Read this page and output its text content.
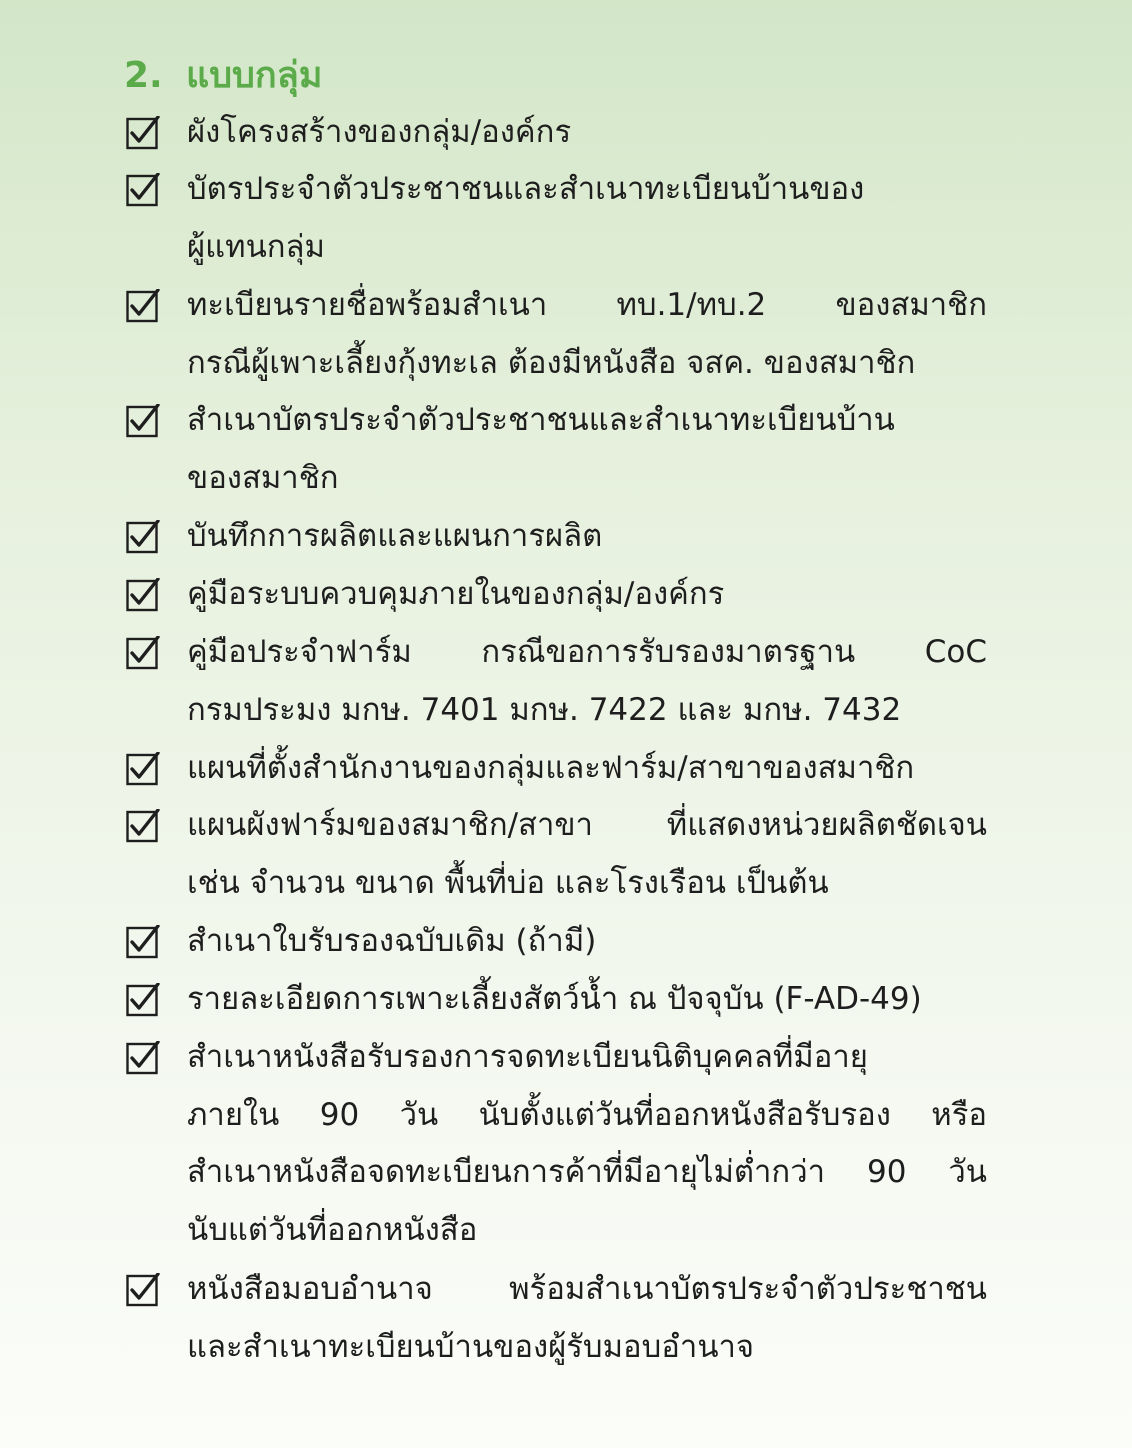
2. แบบกลุ่ม
ผังโครงสร้างของกลุ่ม/องค์กร
บัตรประจำตัวประชาชนและสำเนาทะเบียนบ้านของ
ผู้แทนกลุ่ม
ทะเบียนรายชื่อพร้อมสำเนา ทบ.1/ทบ.2 ของสมาชิก
กรณีผู้เพาะเลี้ยงกุ้งทะเล ต้องมีหนังสือ จสค. ของสมาชิก
สำเนาบัตรประจำตัวประชาชนและสำเนาทะเบียนบ้าน
ของสมาชิก
บันทึกการผลิตและแผนการผลิต
คู่มือระบบควบคุมภายในของกลุ่ม/องค์กร
คู่มือประจำฟาร์ม กรณีขอการรับรองมาตรฐาน CoC
กรมประมง มกษ. 7401 มกษ. 7422 และ มกษ. 7432
แผนที่ตั้งสำนักงานของกลุ่มและฟาร์ม/สาขาของสมาชิก
แผนผังฟาร์มของสมาชิก/สาขา ที่แสดงหน่วยผลิตชัดเจน
เช่น จำนวน ขนาด พื้นที่บ่อ และโรงเรือน เป็นต้น
สำเนาใบรับรองฉบับเดิม (ถ้ามี)
รายละเอียดการเพาะเลี้ยงสัตว์น้ำ ณ ปัจจุบัน (F-AD-49)
สำเนาหนังสือรับรองการจดทะเบียนนิติบุคคลที่มีอายุ
ภายใน 90 วัน นับตั้งแต่วันที่ออกหนังสือรับรอง หรือ
สำเนาหนังสือจดทะเบียนการค้าที่มีอายุไม่ต่ำกว่า 90 วัน
นับแต่วันที่ออกหนังสือ
หนังสือมอบอำนาจ พร้อมสำเนาบัตรประจำตัวประชาชน
และสำเนาทะเบียนบ้านของผู้รับมอบอำนาจ
